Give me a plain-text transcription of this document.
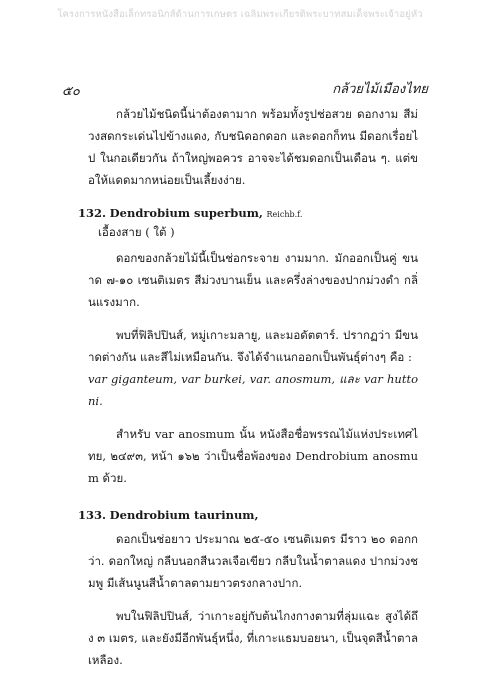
โครงการหนังสือเล็กทรอนิกส์ด้านการเกษตร เฉลิมพระเกียรติพระบาทสมเด็จพระเจ้าอยู่หัว
๕๐	กล้วยไม้เมืองไทย

กล้วยไม้ชนิดนี้น่าต้องตามาก พร้อมทั้งรูปช่อสวย ดอกงาม สีม่วงสดกระเด่นไปข้างแดง, กับชนิดอกดอก และดอกก็ทน มีดอกเรื่อยไป ในกอเดียวกัน ถ้าใหญ่พอควร อาจจะได้ชมดอกเป็นเดือน ๆ. แต่ขอให้แดดมากหน่อยเป็นเลี้ยงง่าย.

132. Dendrobium superbum, Reichb.f.
เอื้องสาย ( ใต้ )

ดอกของกล้วยไม้นี้เป็นช่อกระจาย งามมาก. มักออกเป็นคู่ ขนาด ๗-๑๐ เซนติเมตร สีม่วงบานเย็น และครึ่งล่างของปากม่วงดำ กลิ่นแรงมาก.

พบที่ฟิลิปปินส์, หมู่เกาะมลายู, และมอดัตตาร์. ปรากฏว่า มีขนาดต่างกัน และสีไม่เหมือนกัน. จึงได้จำแนกออกเป็นพันธุ์ต่างๆ คือ :

var giganteum, var burkei, var. anosmum, และ var huttoni.

สำหรับ var anosmum นั้น หนังสือชื่อพรรณไม้แห่งประเทศไทย, ๒๔๙๓, หน้า ๑๖๒ ว่าเป็นชื่อพ้องของ Dendrobium anosmum ด้วย.

133. Dendrobium taurinum,

ดอกเป็นช่อยาว ประมาณ ๒๕-๕๐ เซนติเมตร มีราว ๒๐ ดอกกว่า. ดอกใหญ่ กลีบนอกสีนวลเจือเขียว กลีบในน้ำตาลแดง ปากม่วงชมพู มีเส้นนูนสีน้ำตาลตามยาวตรงกลางปาก.

พบในฟิลิปปินส์, ว่าเกาะอยู่กับต้นไกงกางตามที่ลุ่มแฉะ สูงได้ถึง ๓ เมตร, และยังมีอีกพันธุ์หนึ่ง, ที่เกาะแธมบอยนา, เป็นจุดสีน้ำตาลเหลือง.
